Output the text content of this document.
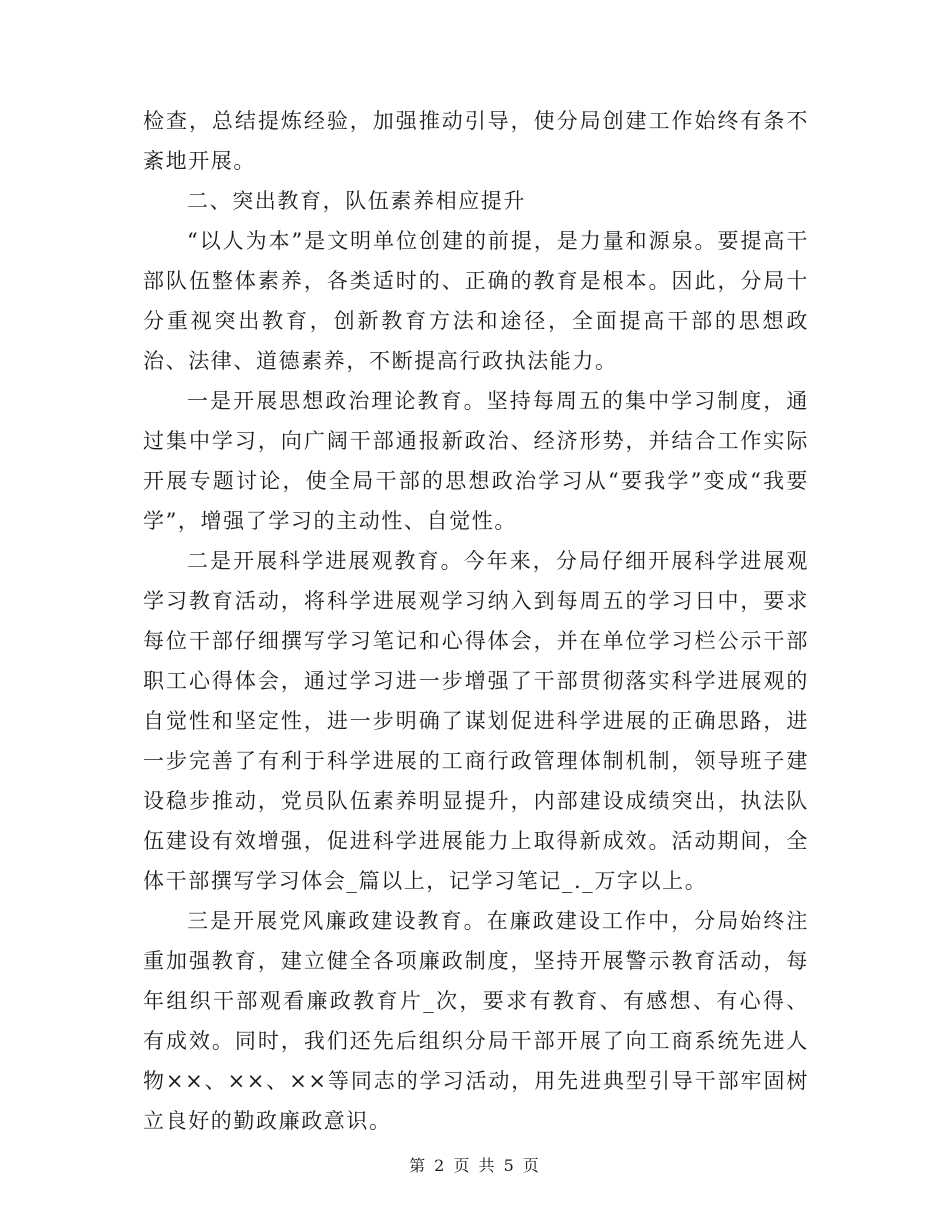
检查，总结提炼经验，加强推动引导，使分局创建工作始终有条不紊地开展。

二、突出教育，队伍素养相应提升

“以人为本”是文明单位创建的前提，是力量和源泉。要提高干部队伍整体素养，各类适时的、正确的教育是根本。因此，分局十分重视突出教育，创新教育方法和途径，全面提高干部的思想政治、法律、道德素养，不断提高行政执法能力。

一是开展思想政治理论教育。坚持每周五的集中学习制度，通过集中学习，向广阔干部通报新政治、经济形势，并结合工作实际开展专题讨论，使全局干部的思想政治学习从“要我学”变成“我要学”，增强了学习的主动性、自觉性。

二是开展科学进展观教育。今年来，分局仔细开展科学进展观学习教育活动，将科学进展观学习纳入到每周五的学习日中，要求每位干部仔细撰写学习笔记和心得体会，并在单位学习栏公示干部职工心得体会，通过学习进一步增强了干部贯彻落实科学进展观的自觉性和坚定性，进一步明确了谋划促进科学进展的正确思路，进一步完善了有利于科学进展的工商行政管理体制机制，领导班子建设稳步推动，党员队伍素养明显提升，内部建设成绩突出，执法队伍建设有效增强，促进科学进展能力上取得新成效。活动期间，全体干部撰写学习体会_篇以上，记学习笔记_._万字以上。

三是开展党风廉政建设教育。在廉政建设工作中，分局始终注重加强教育，建立健全各项廉政制度，坚持开展警示教育活动，每年组织干部观看廉政教育片_次，要求有教育、有感想、有心得、有成效。同时，我们还先后组织分局干部开展了向工商系统先进人物××、××、××等同志的学习活动，用先进典型引导干部牢固树立良好的勤政廉政意识。

第 2 页 共 5 页
